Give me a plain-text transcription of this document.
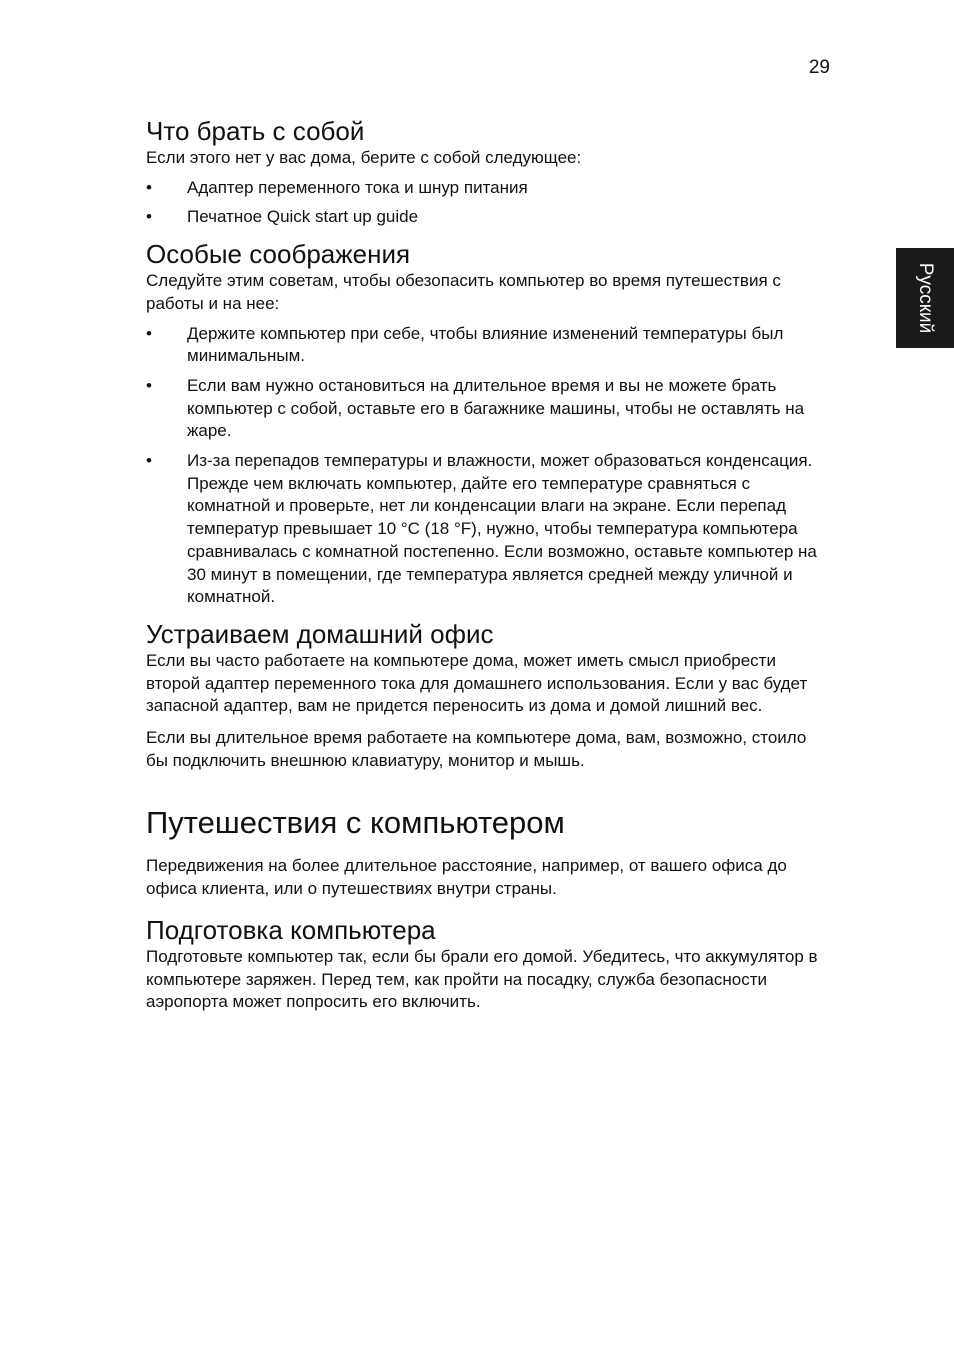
29
Русский
Что брать с собой

Если этого нет у вас дома, берите с собой следующее:

• Адаптер переменного тока и шнур питания
• Печатное Quick start up guide
Особые соображения

Следуйте этим советам, чтобы обезопасить компьютер во время путешествия с работы и на нее:

• Держите компьютер при себе, чтобы влияние изменений температуры был минимальным.
• Если вам нужно остановиться на длительное время и вы не можете брать компьютер с собой, оставьте его в багажнике машины, чтобы не оставлять на жаре.
• Из-за перепадов температуры и влажности, может образоваться конденсация. Прежде чем включать компьютер, дайте его температуре сравняться с комнатной и проверьте, нет ли конденсации влаги на экране. Если перепад температур превышает 10 °C (18 °F), нужно, чтобы температура компьютера сравнивалась с комнатной постепенно. Если возможно, оставьте компьютер на 30 минут в помещении, где температура является средней между уличной и комнатной.
Устраиваем домашний офис

Если вы часто работаете на компьютере дома, может иметь смысл приобрести второй адаптер переменного тока для домашнего использования. Если у вас будет запасной адаптер, вам не придется переносить из дома и домой лишний вес.

Если вы длительное время работаете на компьютере дома, вам, возможно, стоило бы подключить внешнюю клавиатуру, монитор и мышь.

Путешествия с компьютером

Передвижения на более длительное расстояние, например, от вашего офиса до офиса клиента, или о путешествиях внутри страны.

Подготовка компьютера

Подготовьте компьютер так, если бы брали его домой. Убедитесь, что аккумулятор в компьютере заряжен. Перед тем, как пройти на посадку, служба безопасности аэропорта может попросить его включить.
